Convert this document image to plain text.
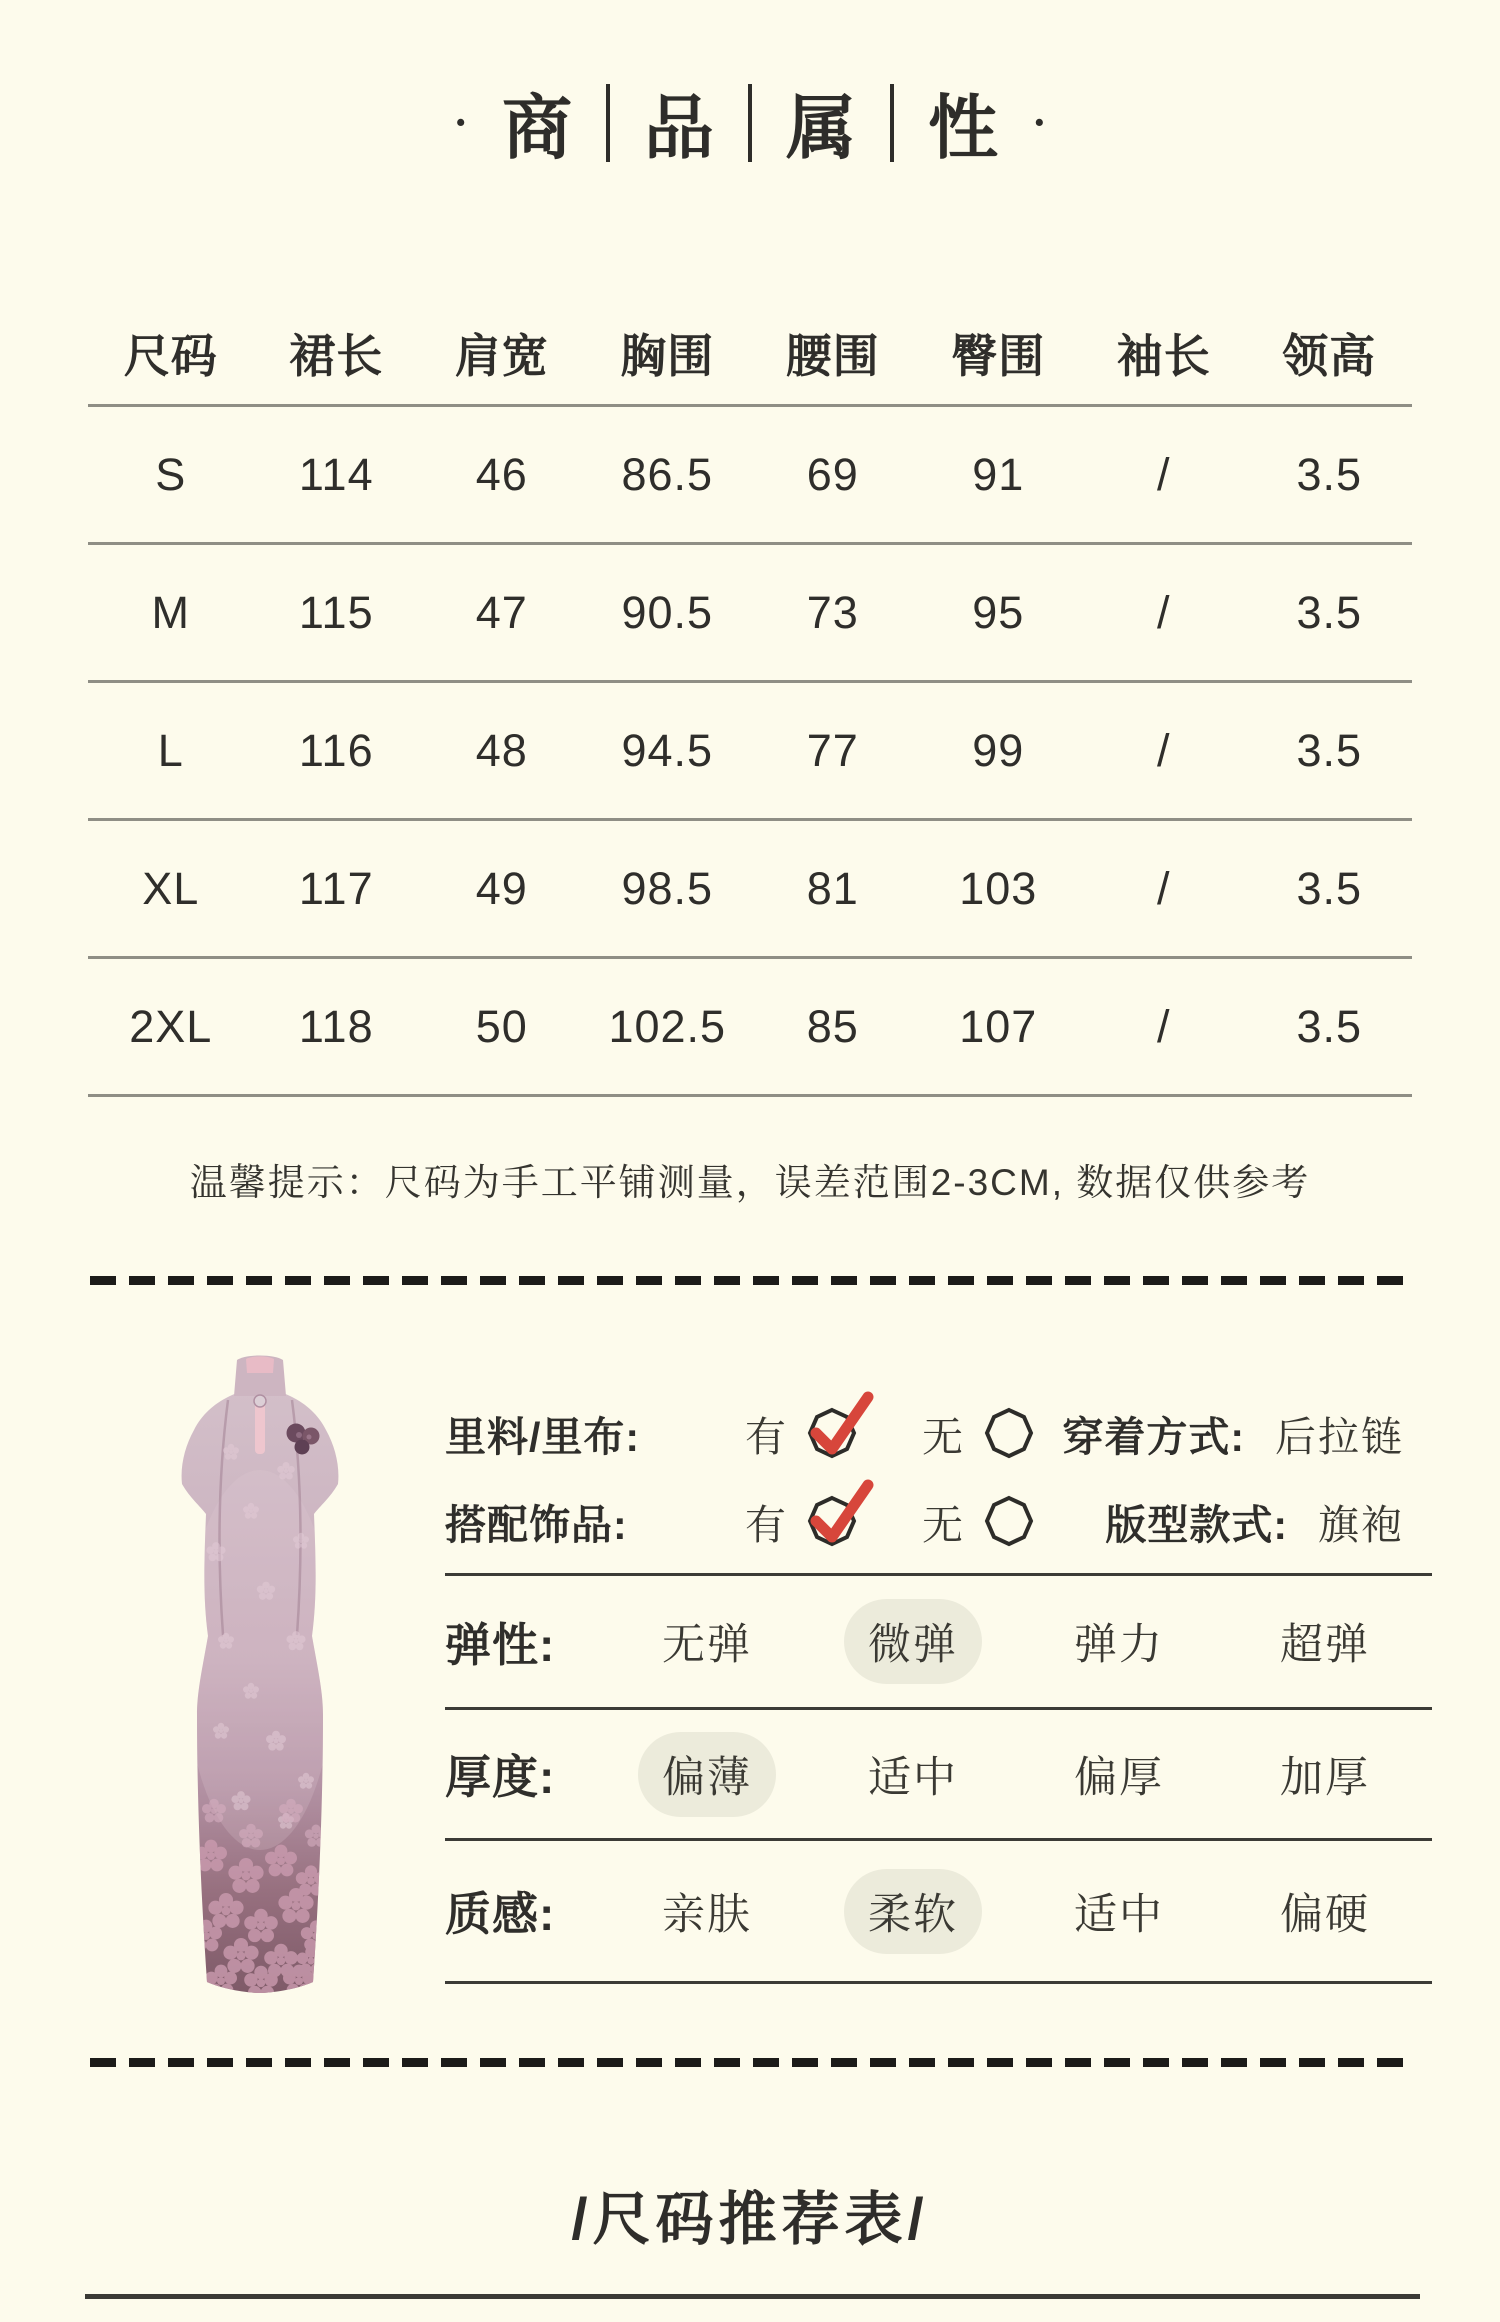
· 商 品 属 性 ·
尺码	裙长	肩宽	胸围	腰围	臀围	袖长	领高
S	114	46	86.5	69	91	/	3.5
M	115	47	90.5	73	95	/	3.5
L	116	48	94.5	77	99	/	3.5
XL	117	49	98.5	81	103	/	3.5
2XL	118	50	102.5	85	107	/	3.5
温馨提示：尺码为手工平铺测量，误差范围2-3CM, 数据仅供参考
里料/里布:	有	无 穿着方式: 后拉链
搭配饰品:	有	无	版型款式: 旗袍
弹性:	无弹	微弹	弹力	超弹
厚度:	偏薄	适中	偏厚	加厚
质感:	亲肤	柔软	适中	偏硬
/尺码推荐表/
